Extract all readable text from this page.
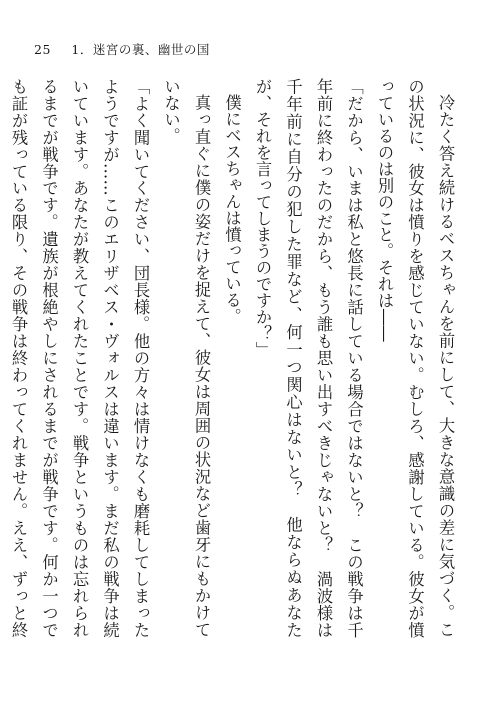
25 1．迷宮の裏、幽世の国

冷たく答え続けるベスちゃんを前にして、大きな意識の差に気づく。この状況に、彼女は憤りを感じていない。むしろ、感謝している。彼女が憤っているのは別のこと。それは――

「だから、いまは私と悠長に話している場合ではないと？　この戦争は千年前に終わったのだから、もう誰も思い出すべきじゃないと？　渦波様は千年前に自分の犯した罪など、何一つ関心はないと？　他ならぬあなたが、それを言ってしまうのですか？」

僕にベスちゃんは憤っている。

真っ直ぐに僕の姿だけを捉えて、彼女は周囲の状況など歯牙にもかけていない。

「よく聞いてください、団長様。他の方々は情けなくも磨耗してしまったようですが……このエリザベス・ヴォルスは違います。まだ私の戦争は続いています。あなたが教えてくれたことです。戦争というものは忘れられるまでが戦争です。遺族が根絶やしにされるまでが戦争です。何か一つでも証が残っている限り、その戦争は終わってくれません。ええ、ずっと終　
